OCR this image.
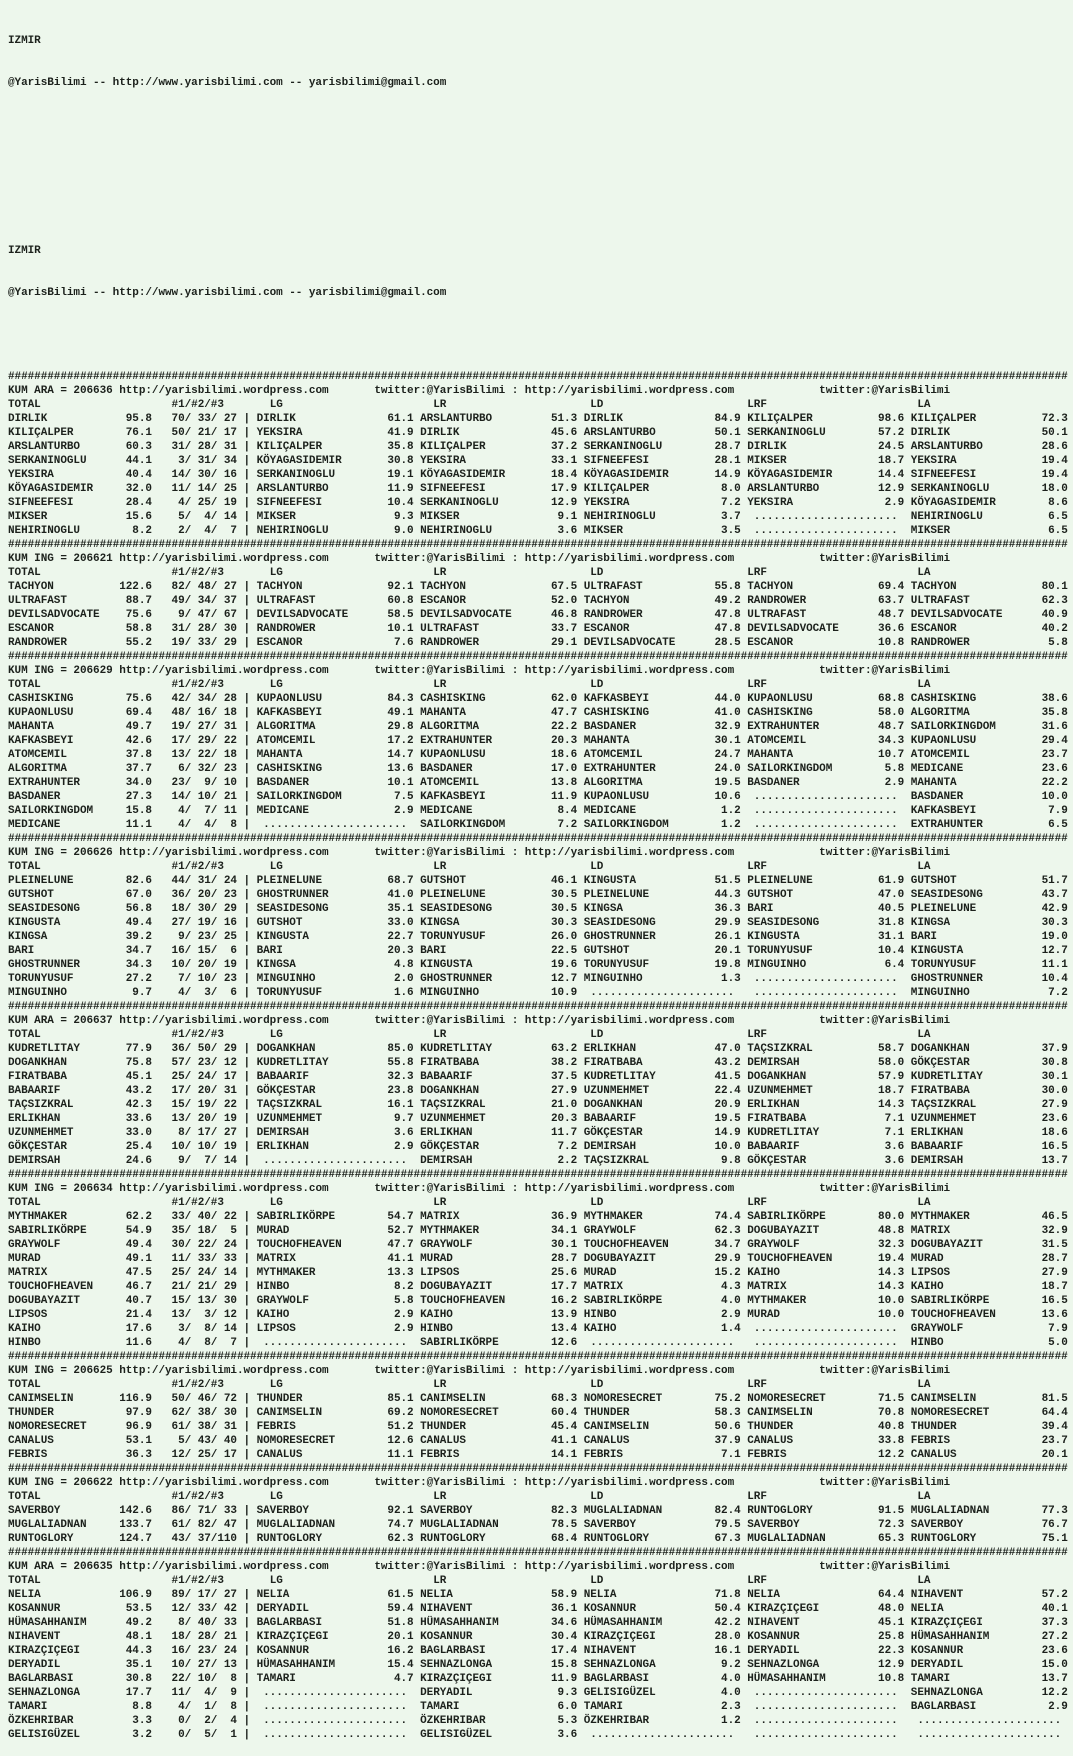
IZMIR

@YarisBilimi -- http://www.yarisbilimi.com -- yarisbilimi@gmail.com

IZMIR

@YarisBilimi -- http://www.yarisbilimi.com -- yarisbilimi@gmail.com

##################################################################################################################################################################
KUM ARA = 206636 http://yarisbilimi.wordpress.com	twitter:@YarisBilimi : http://yarisbilimi.wordpress.com	twitter:@YarisBilimi
TOTAL	#1/#2/#3	LG	LR	LD	LRF	LA
DIRLIK            95.8   70/ 33/ 27 | DIRLIK              61.1 ARSLANTURBO         51.3 DIRLIK              84.9 KILIÇALPER          98.6 KILIÇALPER          72.3
KILIÇALPER        76.1   50/ 21/ 17 | YEKSIRA             41.9 DIRLIK              45.6 ARSLANTURBO         50.1 SERKANINOGLU        57.2 DIRLIK              50.1
ARSLANTURBO       60.3   31/ 28/ 31 | KILIÇALPER          35.8 KILIÇALPER          37.2 SERKANINOGLU        28.7 DIRLIK              24.5 ARSLANTURBO         28.6
SERKANINOGLU      44.1    3/ 31/ 34 | KÖYAGASIDEMIR       30.8 YEKSIRA             33.1 SIFNEEFESI          28.1 MIKSER              18.7 YEKSIRA             19.4
YEKSIRA           40.4   14/ 30/ 16 | SERKANINOGLU        19.1 KÖYAGASIDEMIR       18.4 KÖYAGASIDEMIR       14.9 KÖYAGASIDEMIR       14.4 SIFNEEFESI          19.4
KÖYAGASIDEMIR     32.0   11/ 14/ 25 | ARSLANTURBO         11.9 SIFNEEFESI          17.9 KILIÇALPER           8.0 ARSLANTURBO         12.9 SERKANINOGLU        18.0
SIFNEEFESI        28.4    4/ 25/ 19 | SIFNEEFESI          10.4 SERKANINOGLU        12.9 YEKSIRA              7.2 YEKSIRA              2.9 KÖYAGASIDEMIR        8.6
MIKSER            15.6    5/  4/ 14 | MIKSER               9.3 MIKSER               9.1 NEHIRINOGLU          3.7  ......................  NEHIRINOGLU          6.5
NEHIRINOGLU        8.2    2/  4/  7 | NEHIRINOGLU          9.0 NEHIRINOGLU          3.6 MIKSER               3.5  ......................  MIKSER               6.5
##################################################################################################################################################################
KUM ING = 206621 http://yarisbilimi.wordpress.com	twitter:@YarisBilimi : http://yarisbilimi.wordpress.com	twitter:@YarisBilimi
TOTAL	#1/#2/#3	LG	LR	LD	LRF	LA
TACHYON          122.6   82/ 48/ 27 | TACHYON             92.1 TACHYON             67.5 ULTRAFAST           55.8 TACHYON             69.4 TACHYON             80.1
ULTRAFAST         88.7   49/ 34/ 37 | ULTRAFAST           60.8 ESCANOR             52.0 TACHYON             49.2 RANDROWER           63.7 ULTRAFAST           62.3
DEVILSADVOCATE    75.6    9/ 47/ 67 | DEVILSADVOCATE      58.5 DEVILSADVOCATE      46.8 RANDROWER           47.8 ULTRAFAST           48.7 DEVILSADVOCATE      40.9
ESCANOR           58.8   31/ 28/ 30 | RANDROWER           10.1 ULTRAFAST           33.7 ESCANOR             47.8 DEVILSADVOCATE      36.6 ESCANOR             40.2
RANDROWER         55.2   19/ 33/ 29 | ESCANOR              7.6 RANDROWER           29.1 DEVILSADVOCATE      28.5 ESCANOR             10.8 RANDROWER            5.8
##################################################################################################################################################################
KUM ING = 206629 http://yarisbilimi.wordpress.com	twitter:@YarisBilimi : http://yarisbilimi.wordpress.com	twitter:@YarisBilimi
TOTAL	#1/#2/#3	LG	LR	LD	LRF	LA
CASHISKING        75.6   42/ 34/ 28 | KUPAONLUSU          84.3 CASHISKING          62.0 KAFKASBEYI          44.0 KUPAONLUSU          68.8 CASHISKING          38.6
KUPAONLUSU        69.4   48/ 16/ 18 | KAFKASBEYI          49.1 MAHANTA             47.7 CASHISKING          41.0 CASHISKING          58.0 ALGORITMA           35.8
MAHANTA           49.7   19/ 27/ 31 | ALGORITMA           29.8 ALGORITMA           22.2 BASDANER            32.9 EXTRAHUNTER         48.7 SAILORKINGDOM       31.6
KAFKASBEYI        42.6   17/ 29/ 22 | ATOMCEMIL           17.2 EXTRAHUNTER         20.3 MAHANTA             30.1 ATOMCEMIL           34.3 KUPAONLUSU          29.4
ATOMCEMIL         37.8   13/ 22/ 18 | MAHANTA             14.7 KUPAONLUSU          18.6 ATOMCEMIL           24.7 MAHANTA             10.7 ATOMCEMIL           23.7
ALGORITMA         37.7    6/ 32/ 23 | CASHISKING          13.6 BASDANER            17.0 EXTRAHUNTER         24.0 SAILORKINGDOM        5.8 MEDICANE            23.6
EXTRAHUNTER       34.0   23/  9/ 10 | BASDANER            10.1 ATOMCEMIL           13.8 ALGORITMA           19.5 BASDANER             2.9 MAHANTA             22.2
BASDANER          27.3   14/ 10/ 21 | SAILORKINGDOM        7.5 KAFKASBEYI          11.9 KUPAONLUSU          10.6  ......................  BASDANER            10.0
SAILORKINGDOM     15.8    4/  7/ 11 | MEDICANE             2.9 MEDICANE             8.4 MEDICANE             1.2  ......................  KAFKASBEYI           7.9
MEDICANE          11.1    4/  4/  8 |  ......................  SAILORKINGDOM        7.2 SAILORKINGDOM        1.2  ......................  EXTRAHUNTER          6.5
##################################################################################################################################################################
KUM ING = 206626 http://yarisbilimi.wordpress.com	twitter:@YarisBilimi : http://yarisbilimi.wordpress.com	twitter:@YarisBilimi
TOTAL	#1/#2/#3	LG	LR	LD	LRF	LA
PLEINELUNE        82.6   44/ 31/ 24 | PLEINELUNE          68.7 GUTSHOT             46.1 KINGUSTA            51.5 PLEINELUNE          61.9 GUTSHOT             51.7
GUTSHOT           67.0   36/ 20/ 23 | GHOSTRUNNER         41.0 PLEINELUNE          30.5 PLEINELUNE          44.3 GUTSHOT             47.0 SEASIDESONG         43.7
SEASIDESONG       56.8   18/ 30/ 29 | SEASIDESONG         35.1 SEASIDESONG         30.5 KINGSA              36.3 BARI                40.5 PLEINELUNE          42.9
KINGUSTA          49.4   27/ 19/ 16 | GUTSHOT             33.0 KINGSA              30.3 SEASIDESONG         29.9 SEASIDESONG         31.8 KINGSA              30.3
KINGSA            39.2    9/ 23/ 25 | KINGUSTA            22.7 TORUNYUSUF          26.0 GHOSTRUNNER         26.1 KINGUSTA            31.1 BARI                19.0
BARI              34.7   16/ 15/  6 | BARI                20.3 BARI                22.5 GUTSHOT             20.1 TORUNYUSUF          10.4 KINGUSTA            12.7
GHOSTRUNNER       34.3   10/ 20/ 19 | KINGSA               4.8 KINGUSTA            19.6 TORUNYUSUF          19.8 MINGUINHO            6.4 TORUNYUSUF          11.1
TORUNYUSUF        27.2    7/ 10/ 23 | MINGUINHO            2.0 GHOSTRUNNER         12.7 MINGUINHO            1.3  ......................  GHOSTRUNNER         10.4
MINGUINHO          9.7    4/  3/  6 | TORUNYUSUF           1.6 MINGUINHO           10.9  ......................   ......................  MINGUINHO            7.2
##################################################################################################################################################################
KUM ARA = 206637 http://yarisbilimi.wordpress.com	twitter:@YarisBilimi : http://yarisbilimi.wordpress.com	twitter:@YarisBilimi
TOTAL	#1/#2/#3	LG	LR	LD	LRF	LA
KUDRETLITAY       77.9   36/ 50/ 29 | DOGANKHAN           85.0 KUDRETLITAY         63.2 ERLIKHAN            47.0 TAÇSIZKRAL          58.7 DOGANKHAN           37.9
DOGANKHAN         75.8   57/ 23/ 12 | KUDRETLITAY         55.8 FIRATBABA           38.2 FIRATBABA           43.2 DEMIRSAH            58.0 GÖKÇESTAR           30.8
FIRATBABA         45.1   25/ 24/ 17 | BABAARIF            32.3 BABAARIF            37.5 KUDRETLITAY         41.5 DOGANKHAN           57.9 KUDRETLITAY         30.1
BABAARIF          43.2   17/ 20/ 31 | GÖKÇESTAR           23.8 DOGANKHAN           27.9 UZUNMEHMET          22.4 UZUNMEHMET          18.7 FIRATBABA           30.0
TAÇSIZKRAL        42.3   15/ 19/ 22 | TAÇSIZKRAL          16.1 TAÇSIZKRAL          21.0 DOGANKHAN           20.9 ERLIKHAN            14.3 TAÇSIZKRAL          27.9
ERLIKHAN          33.6   13/ 20/ 19 | UZUNMEHMET           9.7 UZUNMEHMET          20.3 BABAARIF            19.5 FIRATBABA            7.1 UZUNMEHMET          23.6
UZUNMEHMET        33.0    8/ 17/ 27 | DEMIRSAH             3.6 ERLIKHAN            11.7 GÖKÇESTAR           14.9 KUDRETLITAY          7.1 ERLIKHAN            18.6
GÖKÇESTAR         25.4   10/ 10/ 19 | ERLIKHAN             2.9 GÖKÇESTAR            7.2 DEMIRSAH            10.0 BABAARIF             3.6 BABAARIF            16.5
DEMIRSAH          24.6    9/  7/ 14 |  ......................  DEMIRSAH             2.2 TAÇSIZKRAL           9.8 GÖKÇESTAR            3.6 DEMIRSAH            13.7
##################################################################################################################################################################
KUM ING = 206634 http://yarisbilimi.wordpress.com	twitter:@YarisBilimi : http://yarisbilimi.wordpress.com	twitter:@YarisBilimi
TOTAL	#1/#2/#3	LG	LR	LD	LRF	LA
MYTHMAKER         62.2   33/ 40/ 22 | SABIRLIKÖRPE        54.7 MATRIX              36.9 MYTHMAKER           74.4 SABIRLIKÖRPE        80.0 MYTHMAKER           46.5
SABIRLIKÖRPE      54.9   35/ 18/  5 | MURAD               52.7 MYTHMAKER           34.1 GRAYWOLF            62.3 DOGUBAYAZIT         48.8 MATRIX              32.9
GRAYWOLF          49.4   30/ 22/ 24 | TOUCHOFHEAVEN       47.7 GRAYWOLF            30.1 TOUCHOFHEAVEN       34.7 GRAYWOLF            32.3 DOGUBAYAZIT         31.5
MURAD             49.1   11/ 33/ 33 | MATRIX              41.1 MURAD               28.7 DOGUBAYAZIT         29.9 TOUCHOFHEAVEN       19.4 MURAD               28.7
MATRIX            47.5   25/ 24/ 14 | MYTHMAKER           13.3 LIPSOS              25.6 MURAD               15.2 KAIHO               14.3 LIPSOS              27.9
TOUCHOFHEAVEN     46.7   21/ 21/ 29 | HINBO                8.2 DOGUBAYAZIT         17.7 MATRIX               4.3 MATRIX              14.3 KAIHO               18.7
DOGUBAYAZIT       40.7   15/ 13/ 30 | GRAYWOLF             5.8 TOUCHOFHEAVEN       16.2 SABIRLIKÖRPE         4.0 MYTHMAKER           10.0 SABIRLIKÖRPE        16.5
LIPSOS            21.4   13/  3/ 12 | KAIHO                2.9 KAIHO               13.9 HINBO                2.9 MURAD               10.0 TOUCHOFHEAVEN       13.6
KAIHO             17.6    3/  8/ 14 | LIPSOS               2.9 HINBO               13.4 KAIHO                1.4  ......................  GRAYWOLF             7.9
HINBO             11.6    4/  8/  7 |  ......................  SABIRLIKÖRPE        12.6  ......................   ......................  HINBO                5.0
##################################################################################################################################################################
KUM ING = 206625 http://yarisbilimi.wordpress.com	twitter:@YarisBilimi : http://yarisbilimi.wordpress.com	twitter:@YarisBilimi
TOTAL	#1/#2/#3	LG	LR	LD	LRF	LA
CANIMSELIN       116.9   50/ 46/ 72 | THUNDER             85.1 CANIMSELIN          68.3 NOMORESECRET        75.2 NOMORESECRET        71.5 CANIMSELIN          81.5
THUNDER           97.9   62/ 38/ 30 | CANIMSELIN          69.2 NOMORESECRET        60.4 THUNDER             58.3 CANIMSELIN          70.8 NOMORESECRET        64.4
NOMORESECRET      96.9   61/ 38/ 31 | FEBRIS              51.2 THUNDER             45.4 CANIMSELIN          50.6 THUNDER             40.8 THUNDER             39.4
CANALUS           53.1    5/ 43/ 40 | NOMORESECRET        12.6 CANALUS             41.1 CANALUS             37.9 CANALUS             33.8 FEBRIS              23.7
FEBRIS            36.3   12/ 25/ 17 | CANALUS             11.1 FEBRIS              14.1 FEBRIS               7.1 FEBRIS              12.2 CANALUS             20.1
##################################################################################################################################################################
KUM ING = 206622 http://yarisbilimi.wordpress.com	twitter:@YarisBilimi : http://yarisbilimi.wordpress.com	twitter:@YarisBilimi
TOTAL	#1/#2/#3	LG	LR	LD	LRF	LA
SAVERBOY         142.6   86/ 71/ 33 | SAVERBOY            92.1 SAVERBOY            82.3 MUGLALIADNAN        82.4 RUNTOGLORY          91.5 MUGLALIADNAN        77.3
MUGLALIADNAN     133.7   61/ 82/ 47 | MUGLALIADNAN        74.7 MUGLALIADNAN        78.5 SAVERBOY            79.5 SAVERBOY            72.3 SAVERBOY            76.7
RUNTOGLORY       124.7   43/ 37/110 | RUNTOGLORY          62.3 RUNTOGLORY          68.4 RUNTOGLORY          67.3 MUGLALIADNAN        65.3 RUNTOGLORY          75.1
##################################################################################################################################################################
KUM ARA = 206635 http://yarisbilimi.wordpress.com	twitter:@YarisBilimi : http://yarisbilimi.wordpress.com	twitter:@YarisBilimi
TOTAL	#1/#2/#3	LG	LR	LD	LRF	LA
NELIA            106.9   89/ 17/ 27 | NELIA               61.5 NELIA               58.9 NELIA               71.8 NELIA               64.4 NIHAVENT            57.2
KOSANNUR          53.5   12/ 33/ 42 | DERYADIL            59.4 NIHAVENT            36.1 KOSANNUR            50.4 KIRAZÇIÇEGI         48.0 NELIA               40.1
HÜMASAHHANIM      49.2    8/ 40/ 33 | BAGLARBASI          51.8 HÜMASAHHANIM        34.6 HÜMASAHHANIM        42.2 NIHAVENT            45.1 KIRAZÇIÇEGI         37.3
NIHAVENT          48.1   18/ 28/ 21 | KIRAZÇIÇEGI         20.1 KOSANNUR            30.4 KIRAZÇIÇEGI         28.0 KOSANNUR            25.8 HÜMASAHHANIM        27.2
KIRAZÇIÇEGI       44.3   16/ 23/ 24 | KOSANNUR            16.2 BAGLARBASI          17.4 NIHAVENT            16.1 DERYADIL            22.3 KOSANNUR            23.6
DERYADIL          35.1   10/ 27/ 13 | HÜMASAHHANIM        15.4 SEHNAZLONGA         15.8 SEHNAZLONGA          9.2 SEHNAZLONGA         12.9 DERYADIL            15.0
BAGLARBASI        30.8   22/ 10/  8 | TAMARI               4.7 KIRAZÇIÇEGI         11.9 BAGLARBASI           4.0 HÜMASAHHANIM        10.8 TAMARI              13.7
SEHNAZLONGA       17.7   11/  4/  9 |  ......................  DERYADIL             9.3 GELISIGÜZEL          4.0  ......................  SEHNAZLONGA         12.2
TAMARI             8.8    4/  1/  8 |  ......................  TAMARI               6.0 TAMARI               2.3  ......................  BAGLARBASI           2.9
ÖZKEHRIBAR         3.3    0/  2/  4 |  ......................  ÖZKEHRIBAR           5.3 ÖZKEHRIBAR           1.2  ......................   ......................
GELISIGÜZEL        3.2    0/  5/  1 |  ......................  GELISIGÜZEL          3.6  ......................   ......................   ......................
